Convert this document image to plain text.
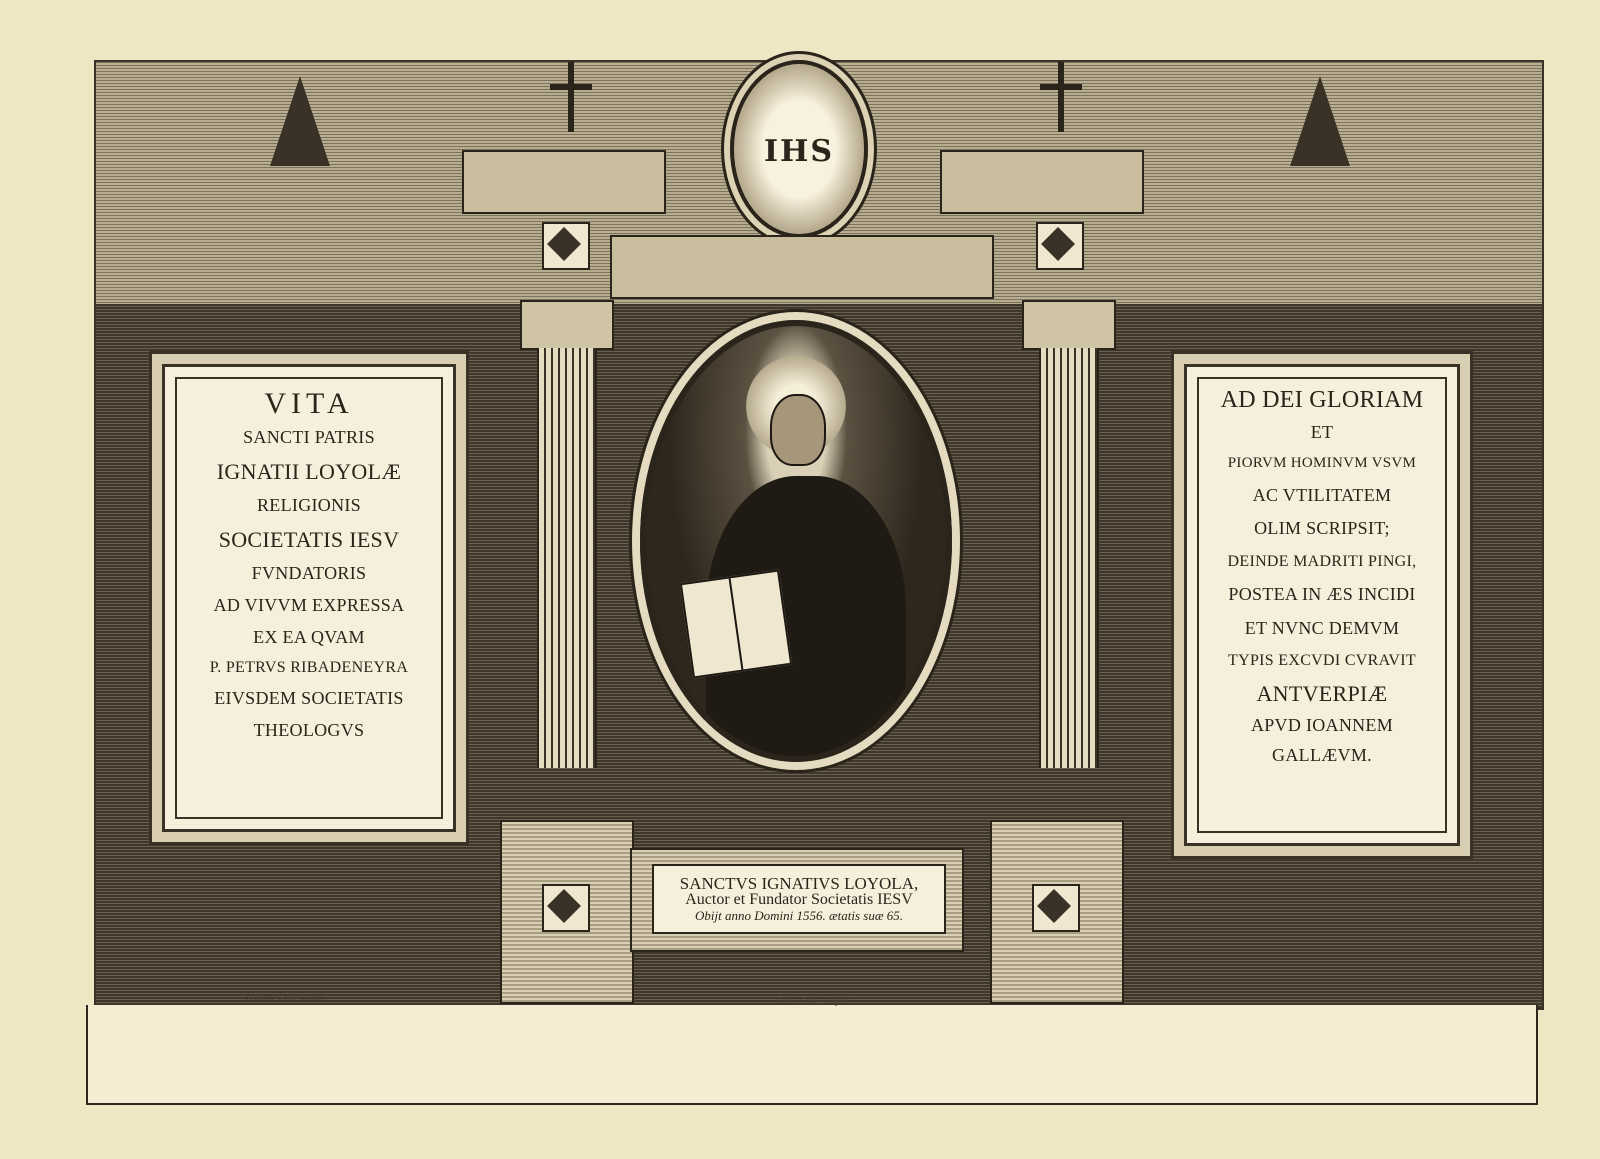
IHS
SANCTVS IGNATIVS LOYOLA,
Auctor et Fundator Societatis IESV
Obijt anno Domini 1556. ætatis suæ 65.
VITA
SANCTI PATRIS
IGNATII LOYOLÆ
RELIGIONIS
SOCIETATIS IESV
FVNDATORIS
AD VIVVM EXPRESSA
EX EA QVAM
P. PETRVS RIBADENEYRA
EIVSDEM SOCIETATIS
THEOLOGVS
AD DEI GLORIAM
ET
PIORVM HOMINVM VSVM
AC VTILITATEM
OLIM SCRIPSIT;
DEINDE MADRITI PINGI,
POSTEA IN ÆS INCIDI
ET NVNC DEMVM
TYPIS EXCVDI CVRAVIT
ANTVERPIÆ
APVD IOANNEM
GALLÆVM.
Ioannes Galle excudit	Corn. Galle sculpsit
